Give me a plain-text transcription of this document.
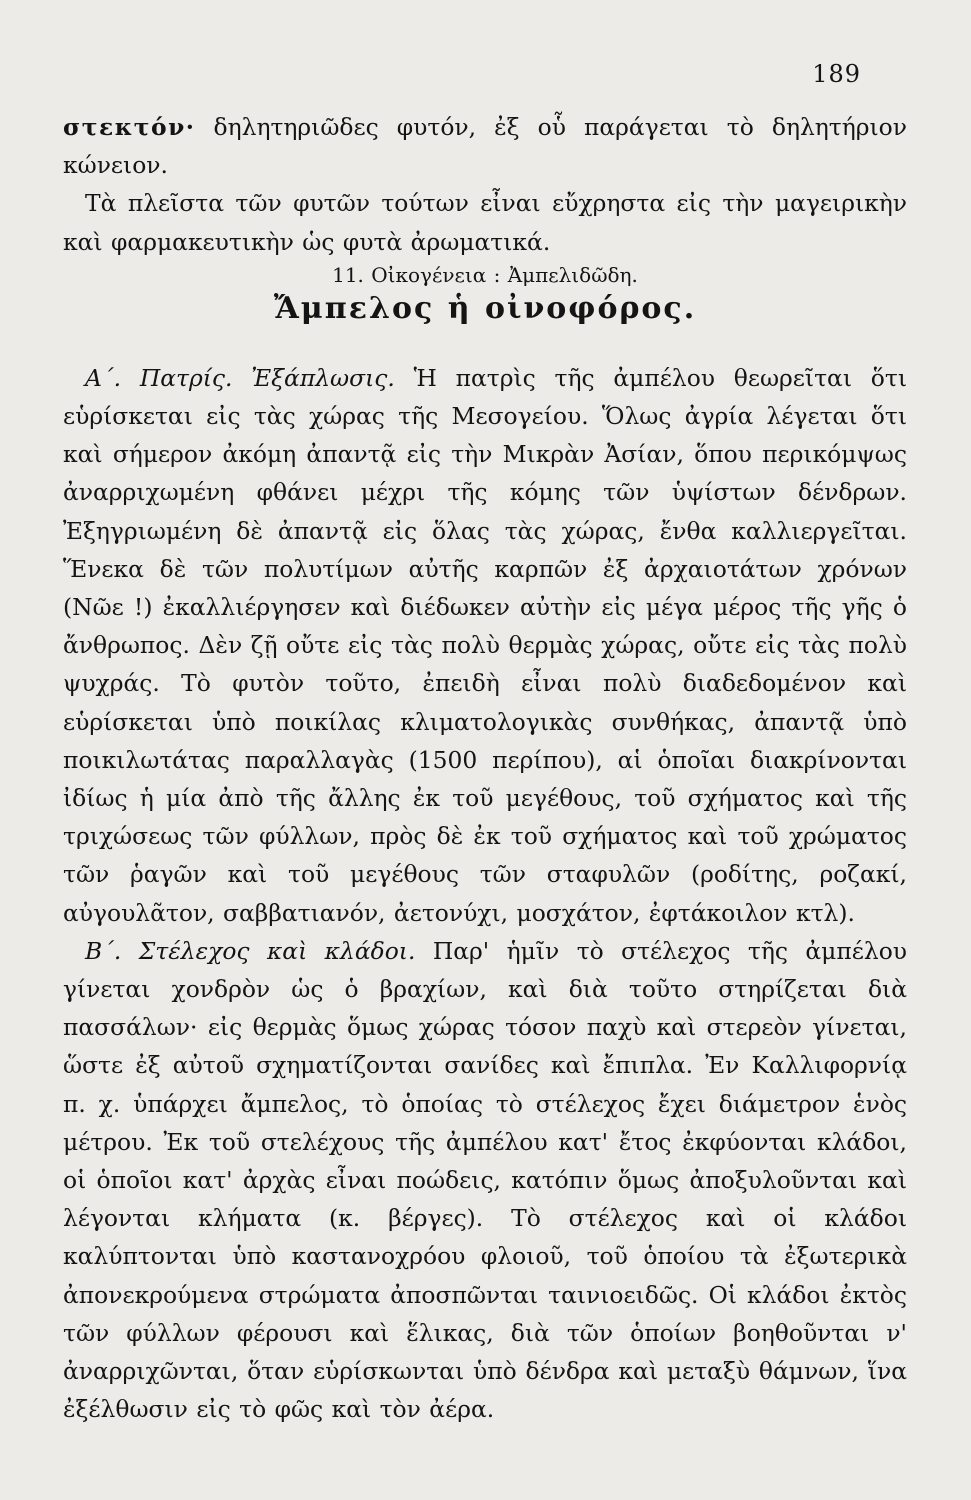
189

στεκτόν· δηλητηριῶδες φυτόν, ἐξ οὗ παράγεται τὸ δηλητήριον κώνειον.

Τὰ πλεῖστα τῶν φυτῶν τούτων εἶναι εὔχρηστα εἰς τὴν μαγειρικὴν καὶ φαρμακευτικὴν ὡς φυτὰ ἀρωματικά.

11. Οἰκογένεια : Ἀμπελιδῶδη.

Ἄμπελος ἡ οἰνοφόρος.

Α΄. Πατρίς. Ἐξάπλωσις. Ἡ πατρὶς τῆς ἀμπέλου θεωρεῖται ὅτι εὑρίσκεται εἰς τὰς χώρας τῆς Μεσογείου. Ὅλως ἀγρία λέγεται ὅτι καὶ σήμερον ἀκόμη ἀπαντᾷ εἰς τὴν Μικρὰν Ἀσίαν, ὅπου περικόμψως ἀναρριχωμένη φθάνει μέχρι τῆς κόμης τῶν ὑψίστων δένδρων. Ἐξηγριωμένη δὲ ἀπαντᾷ εἰς ὅλας τὰς χώρας, ἔνθα καλλιεργεῖται. Ἕνεκα δὲ τῶν πολυτίμων αὐτῆς καρπῶν ἐξ ἀρχαιοτάτων χρόνων (Νῶε !) ἐκαλλιέργησεν καὶ διέδωκεν αὐτὴν εἰς μέγα μέρος τῆς γῆς ὁ ἄνθρωπος. Δὲν ζῇ οὔτε εἰς τὰς πολὺ θερμὰς χώρας, οὔτε εἰς τὰς πολὺ ψυχράς. Τὸ φυτὸν τοῦτο, ἐπειδὴ εἶναι πολὺ διαδεδομένον καὶ εὑρίσκεται ὑπὸ ποικίλας κλιματολογικὰς συνθήκας, ἀπαντᾷ ὑπὸ ποικιλωτάτας παραλλαγὰς (1500 περίπου), αἱ ὁποῖαι διακρίνονται ἰδίως ἡ μία ἀπὸ τῆς ἄλλης ἐκ τοῦ μεγέθους, τοῦ σχήματος καὶ τῆς τριχώσεως τῶν φύλλων, πρὸς δὲ ἐκ τοῦ σχήματος καὶ τοῦ χρώματος τῶν ῥαγῶν καὶ τοῦ μεγέθους τῶν σταφυλῶν (ροδίτης, ροζακί, αὐγουλᾶτον, σαββατιανόν, ἀετονύχι, μοσχάτον, ἐφτάκοιλον κτλ).

Β΄. Στέλεχος καὶ κλάδοι. Παρ' ἡμῖν τὸ στέλεχος τῆς ἀμπέλου γίνεται χονδρὸν ὡς ὁ βραχίων, καὶ διὰ τοῦτο στηρίζεται διὰ πασσάλων· εἰς θερμὰς ὅμως χώρας τόσον παχὺ καὶ στερεὸν γίνεται, ὥστε ἐξ αὐτοῦ σχηματίζονται σανίδες καὶ ἔπιπλα. Ἐν Καλλιφορνίᾳ π. χ. ὑπάρχει ἄμπελος, τὸ ὁποίας τὸ στέλεχος ἔχει διάμετρον ἑνὸς μέτρου. Ἐκ τοῦ στελέχους τῆς ἀμπέλου κατ' ἔτος ἐκφύονται κλάδοι, οἱ ὁποῖοι κατ' ἀρχὰς εἶναι ποώδεις, κατόπιν ὅμως ἀποξυλοῦνται καὶ λέγονται κλήματα (κ. βέργες). Τὸ στέλεχος καὶ οἱ κλάδοι καλύπτονται ὑπὸ καστανοχρόου φλοιοῦ, τοῦ ὁποίου τὰ ἐξωτερικὰ ἀπονεκρούμενα στρώματα ἀποσπῶνται ταινιοειδῶς. Οἱ κλάδοι ἐκτὸς τῶν φύλλων φέρουσι καὶ ἕλικας, διὰ τῶν ὁποίων βοηθοῦνται ν' ἀναρριχῶνται, ὅταν εὑρίσκωνται ὑπὸ δένδρα καὶ μεταξὺ θάμνων, ἵνα ἐξέλθωσιν εἰς τὸ φῶς καὶ τὸν ἀέρα.
